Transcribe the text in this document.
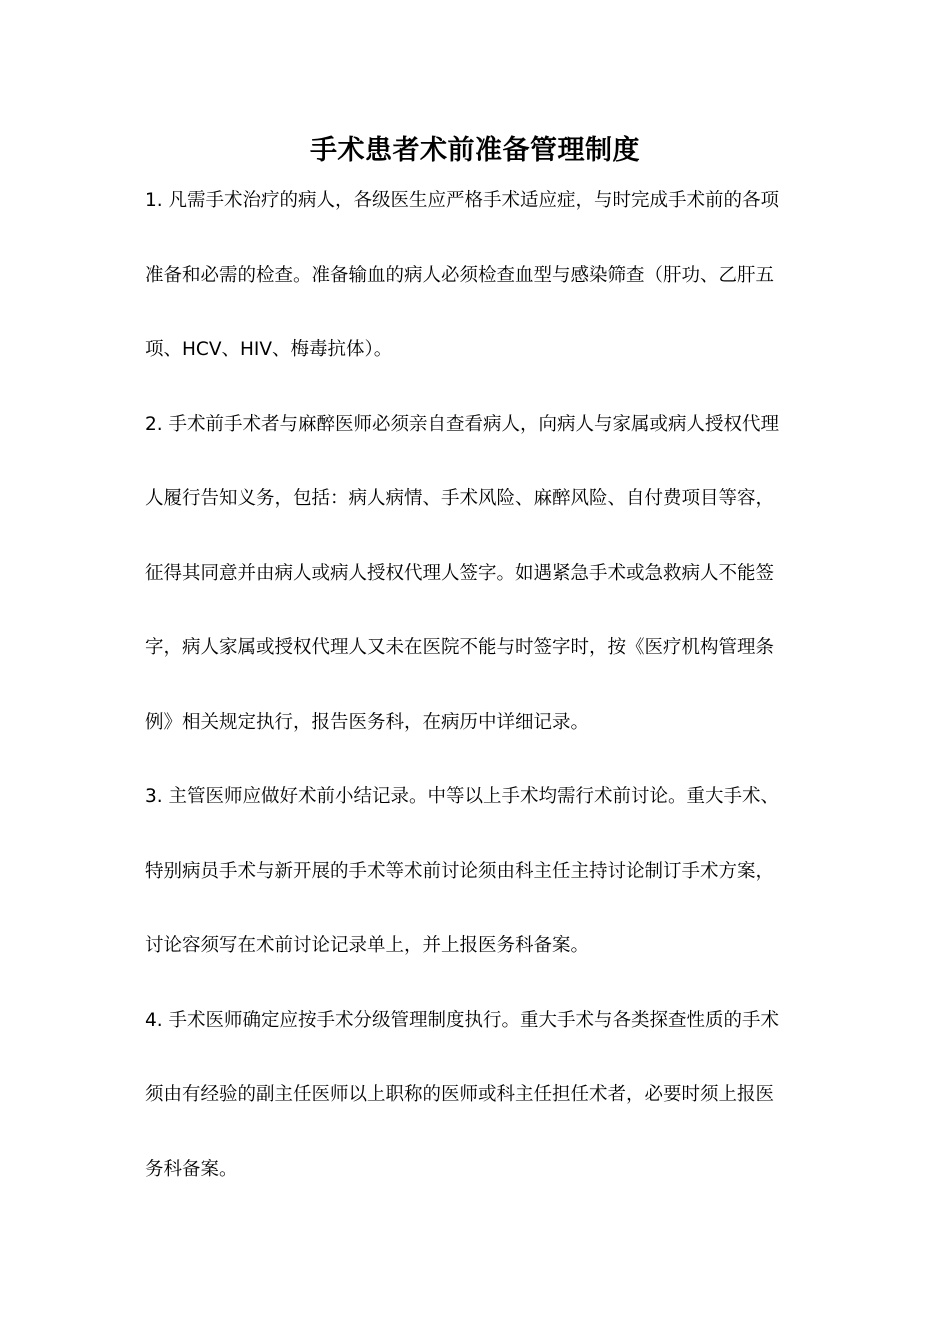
手术患者术前准备管理制度
1. 凡需手术治疗的病人，各级医生应严格手术适应症，与时完成手术前的各项
准备和必需的检查。准备输血的病人必须检查血型与感染筛查（肝功、乙肝五
项、HCV、HIV、梅毒抗体）。
2. 手术前手术者与麻醉医师必须亲自查看病人，向病人与家属或病人授权代理
人履行告知义务，包括：病人病情、手术风险、麻醉风险、自付费项目等容，
征得其同意并由病人或病人授权代理人签字。如遇紧急手术或急救病人不能签
字，病人家属或授权代理人又未在医院不能与时签字时，按《医疗机构管理条
例》相关规定执行，报告医务科，在病历中详细记录。
3. 主管医师应做好术前小结记录。中等以上手术均需行术前讨论。重大手术、
特别病员手术与新开展的手术等术前讨论须由科主任主持讨论制订手术方案，
讨论容须写在术前讨论记录单上，并上报医务科备案。
4. 手术医师确定应按手术分级管理制度执行。重大手术与各类探查性质的手术
须由有经验的副主任医师以上职称的医师或科主任担任术者，必要时须上报医
务科备案。
